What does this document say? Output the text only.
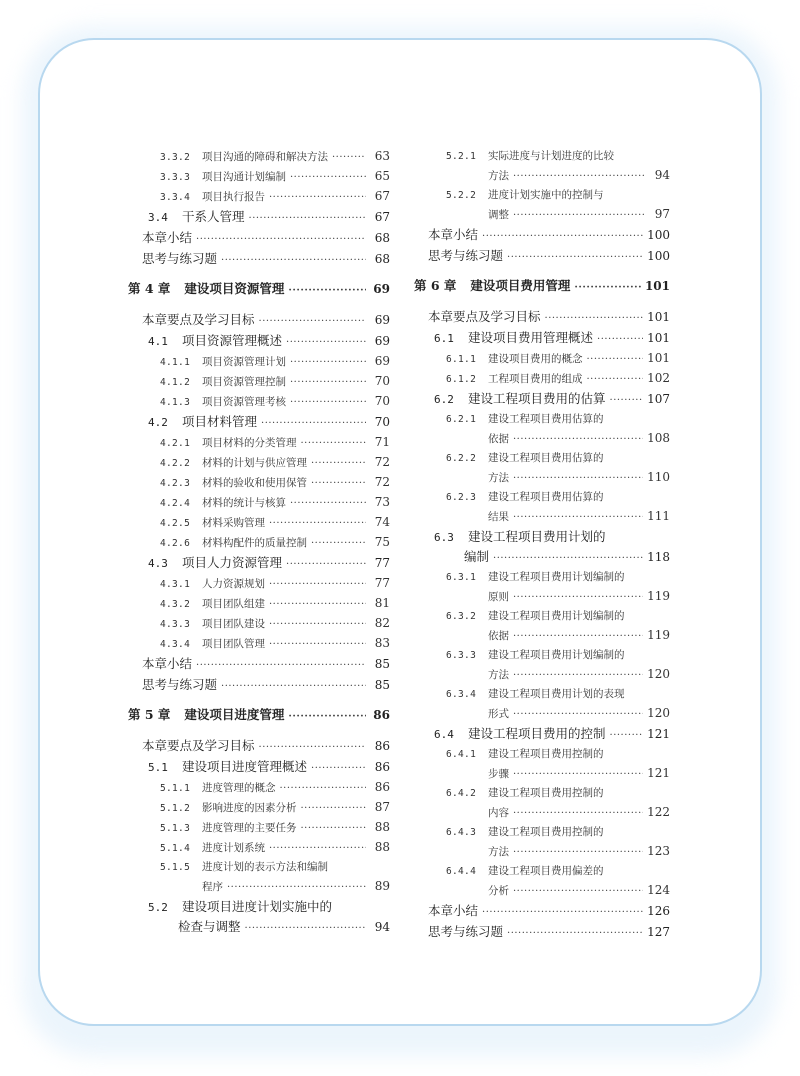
3.3.2	项目沟通的障碍和解决方法 ·····	63
3.3.3	项目沟通计划编制 ·····	65
3.3.4	项目执行报告 ·····	67
3.4	干系人管理 ·····	67
本章小结 ·····	68
思考与练习题 ·····	68
第 4 章 建设项目资源管理 ·····	69
本章要点及学习目标 ·····	69
4.1	项目资源管理概述 ·····	69
4.1.1	项目资源管理计划 ·····	69
4.1.2	项目资源管理控制 ·····	70
4.1.3	项目资源管理考核 ·····	70
4.2	项目材料管理 ·····	70
4.2.1	项目材料的分类管理 ·····	71
4.2.2	材料的计划与供应管理 ·····	72
4.2.3	材料的验收和使用保管 ·····	72
4.2.4	材料的统计与核算 ·····	73
4.2.5	材料采购管理 ·····	74
4.2.6	材料构配件的质量控制 ·····	75
4.3	项目人力资源管理 ·····	77
4.3.1	人力资源规划 ·····	77
4.3.2	项目团队组建 ·····	81
4.3.3	项目团队建设 ·····	82
4.3.4	项目团队管理 ·····	83
本章小结 ·····	85
思考与练习题 ·····	85
第 5 章 建设项目进度管理 ·····	86
本章要点及学习目标 ·····	86
5.1	建设项目进度管理概述 ·····	86
5.1.1	进度管理的概念 ·····	86
5.1.2	影响进度的因素分析 ·····	87
5.1.3	进度管理的主要任务 ·····	88
5.1.4	进度计划系统 ·····	88
5.1.5	进度计划的表示方法和编制
程序 ·····	89
5.2	建设项目进度计划实施中的
检查与调整 ·····	94
5.2.1	实际进度与计划进度的比较
方法 ·····	94
5.2.2	进度计划实施中的控制与
调整 ·····	97
本章小结 ·····	100
思考与练习题 ·····	100
第 6 章 建设项目费用管理 ·····	101
本章要点及学习目标 ·····	101
6.1	建设项目费用管理概述 ·····	101
6.1.1	建设项目费用的概念 ·····	101
6.1.2	工程项目费用的组成 ·····	102
6.2	建设工程项目费用的估算 ·····	107
6.2.1	建设工程项目费用估算的
依据 ·····	108
6.2.2	建设工程项目费用估算的
方法 ·····	110
6.2.3	建设工程项目费用估算的
结果 ·····	111
6.3	建设工程项目费用计划的
编制 ·····	118
6.3.1	建设工程项目费用计划编制的
原则 ·····	119
6.3.2	建设工程项目费用计划编制的
依据 ·····	119
6.3.3	建设工程项目费用计划编制的
方法 ·····	120
6.3.4	建设工程项目费用计划的表现
形式 ·····	120
6.4	建设工程项目费用的控制 ·····	121
6.4.1	建设工程项目费用控制的
步骤 ·····	121
6.4.2	建设工程项目费用控制的
内容 ·····	122
6.4.3	建设工程项目费用控制的
方法 ·····	123
6.4.4	建设工程项目费用偏差的
分析 ·····	124
本章小结 ·····	126
思考与练习题 ·····	127
